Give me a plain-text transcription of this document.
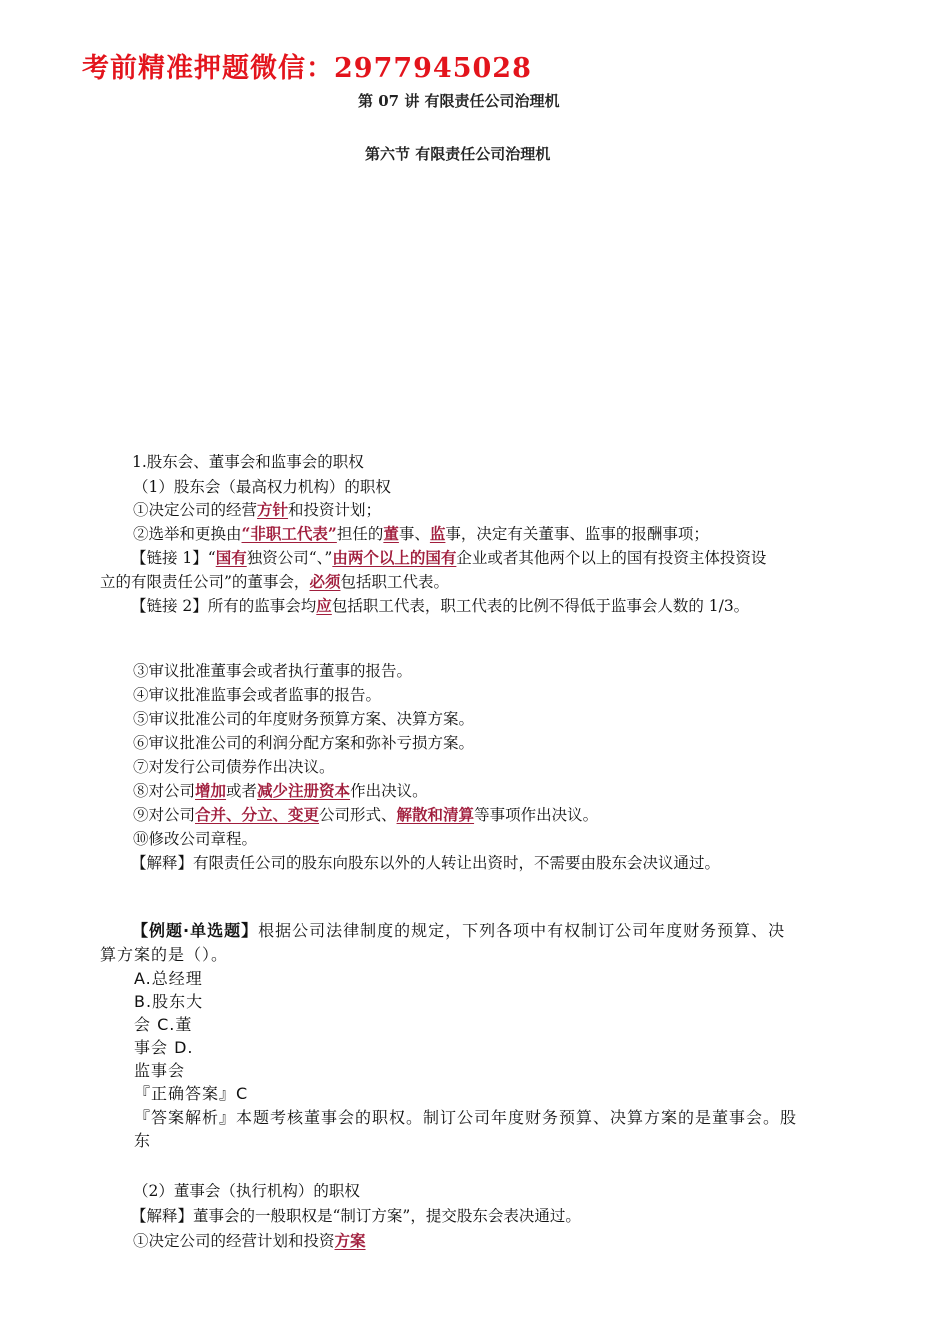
考前精准押题微信：2977945028
第 07 讲 有限责任公司治理机
第六节 有限责任公司治理机
1.股东会、董事会和监事会的职权
（1）股东会（最高权力机构）的职权
①决定公司的经营方针和投资计划；
②选举和更换由“非职工代表”担任的董事、监事，决定有关董事、监事的报酬事项；
【链接 1】“国有独资公司“、”由两个以上的国有企业或者其他两个以上的国有投资主体投资设
立的有限责任公司”的董事会，必须包括职工代表。
【链接 2】所有的监事会均应包括职工代表，职工代表的比例不得低于监事会人数的 1/3。
③审议批准董事会或者执行董事的报告。
④审议批准监事会或者监事的报告。
⑤审议批准公司的年度财务预算方案、决算方案。
⑥审议批准公司的利润分配方案和弥补亏损方案。
⑦对发行公司债券作出决议。
⑧对公司增加或者减少注册资本作出决议。
⑨对公司合并、分立、变更公司形式、解散和清算等事项作出决议。
⑩修改公司章程。
【解释】有限责任公司的股东向股东以外的人转让出资时，不需要由股东会决议通过。
【例题·单选题】根据公司法律制度的规定，下列各项中有权制订公司年度财务预算、决
算方案的是（）。
A.总经理
B.股东大
会 C.董
事会 D.
监事会
『正确答案』C
『答案解析』本题考核董事会的职权。制订公司年度财务预算、决算方案的是董事会。股
东
（2）董事会（执行机构）的职权
【解释】董事会的一般职权是“制订方案”，提交股东会表决通过。
①决定公司的经营计划和投资方案
